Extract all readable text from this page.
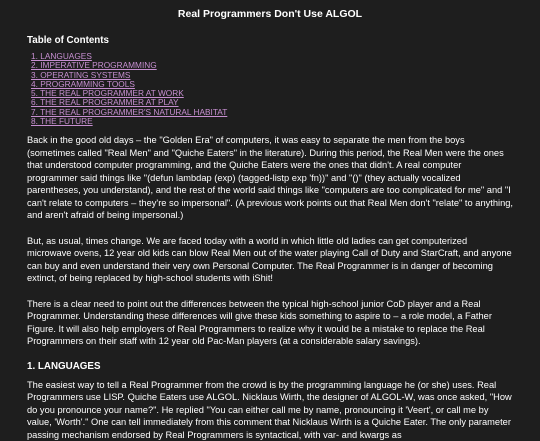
Real Programmers Don't Use ALGOL
Table of Contents
1. LANGUAGES
2. IMPERATIVE PROGRAMMING
3. OPERATING SYSTEMS
4. PROGRAMMING TOOLS
5. THE REAL PROGRAMMER AT WORK
6. THE REAL PROGRAMMER AT PLAY
7. THE REAL PROGRAMMER'S NATURAL HABITAT
8. THE FUTURE

Back in the good old days – the "Golden Era" of computers, it was easy to separate the men from the boys (sometimes called "Real Men" and "Quiche Eaters" in the literature). During this period, the Real Men were the ones that understood computer programming, and the Quiche Eaters were the ones that didn't. A real computer programmer said things like "(defun lambdap (exp) (tagged-listp exp 'fn))" and "()" (they actually vocalized parentheses, you understand), and the rest of the world said things like "computers are too complicated for me" and "I can't relate to computers – they're so impersonal". (A previous work points out that Real Men don't "relate" to anything, and aren't afraid of being impersonal.)

But, as usual, times change. We are faced today with a world in which little old ladies can get computerized microwave ovens, 12 year old kids can blow Real Men out of the water playing Call of Duty and StarCraft, and anyone can buy and even understand their very own Personal Computer. The Real Programmer is in danger of becoming extinct, of being replaced by high-school students with iShit!

There is a clear need to point out the differences between the typical high-school junior CoD player and a Real Programmer. Understanding these differences will give these kids something to aspire to – a role model, a Father Figure. It will also help employers of Real Programmers to realize why it would be a mistake to replace the Real Programmers on their staff with 12 year old Pac-Man players (at a considerable salary savings).

1. LANGUAGES

The easiest way to tell a Real Programmer from the crowd is by the programming language he (or she) uses. Real Programmers use LISP. Quiche Eaters use ALGOL. Nicklaus Wirth, the designer of ALGOL-W, was once asked, "How do you pronounce your name?". He replied "You can either call me by name, pronouncing it 'Veert', or call me by value, 'Worth'." One can tell immediately from this comment that Nicklaus Wirth is a Quiche Eater. The only parameter passing mechanism endorsed by Real Programmers is syntactical, with var- and kwargs as
